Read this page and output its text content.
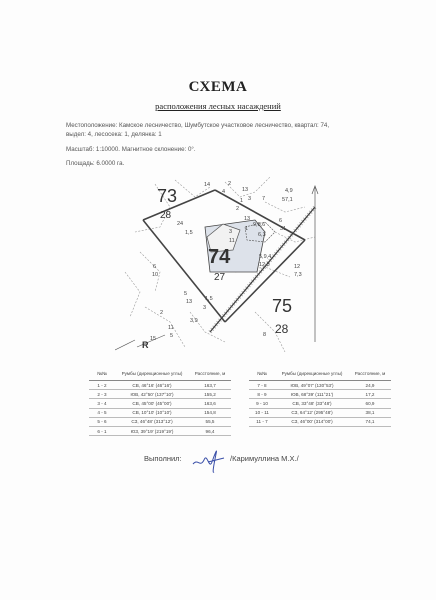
СХЕМА
расположения лесных насаждений
Местоположение: Камское лесничество, Шумбутское участковое лесничество, квартал: 74,
выдел: 4, лесосека: 1, делянка: 1
Масштаб: 1:10000. Магнитное склонение: 0°.
Площадь: 6.0000 га.
74
27
73
28
75
28
R
14	2
4	13
1 3 7
24
1,5	3
11
2
13
1
9,8,6
6,3
5,9,4
12,3
4,9
57,1
6
31
5
13
12
7,3
6
10
1,5
3
11
5
2
3,9
15
8
№№	Румбы (дирекционные углы)	Расстояние, м
1 - 2	СВ, 46°16' (46°16')	163,7
2 - 3	ЮВ, 42°50' (137°10')	155,2
3 - 4	СВ, 45°00' (45°00')	163,6
4 - 5	СВ, 10°10' (10°10')	154,8
5 - 6	СЗ, 46°48' (313°12')	55,5
6 - 1	ЮЗ, 39°19' (219°19')	96,4
№№	Румбы (дирекционные углы)	Расстояние, м
7 - 8	ЮВ, 49°07' (130°53')	24,9
8 - 9	ЮВ, 68°39' (111°21')	17,2
9 - 10	СВ, 33°48' (33°48')	60,9
10 - 11	СЗ, 64°12' (295°48')	38,1
11 - 7	СЗ, 46°00' (314°00')	74,1
Выполнил:	/Каримуллина М.Х./
